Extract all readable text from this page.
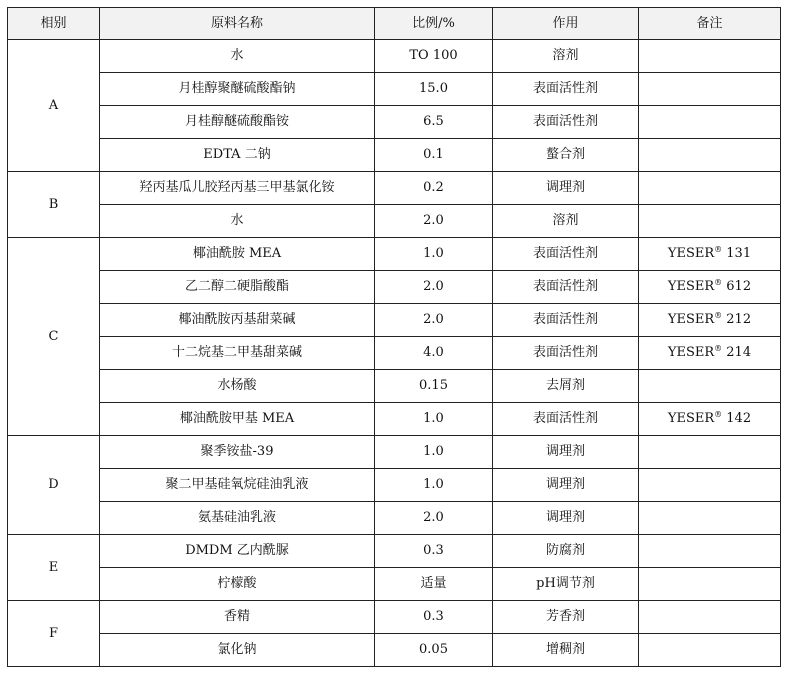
相别	原料名称	比例/%	作用	备注
A	水	TO 100	溶剂	
	月桂醇聚醚硫酸酯钠	15.0	表面活性剂	
	月桂醇醚硫酸酯铵	6.5	表面活性剂	
	EDTA 二钠	0.1	螯合剂	
B	羟丙基瓜儿胶羟丙基三甲基氯化铵	0.2	调理剂	
	水	2.0	溶剂	
C	椰油酰胺 MEA	1.0	表面活性剂	YESER® 131
	乙二醇二硬脂酸酯	2.0	表面活性剂	YESER® 612
	椰油酰胺丙基甜菜碱	2.0	表面活性剂	YESER® 212
	十二烷基二甲基甜菜碱	4.0	表面活性剂	YESER® 214
	水杨酸	0.15	去屑剂	
	椰油酰胺甲基 MEA	1.0	表面活性剂	YESER® 142
D	聚季铵盐-39	1.0	调理剂	
	聚二甲基硅氧烷硅油乳液	1.0	调理剂	
	氨基硅油乳液	2.0	调理剂	
E	DMDM 乙内酰脲	0.3	防腐剂	
	柠檬酸	适量	pH调节剂	
F	香精	0.3	芳香剂	
	氯化钠	0.05	增稠剂	
